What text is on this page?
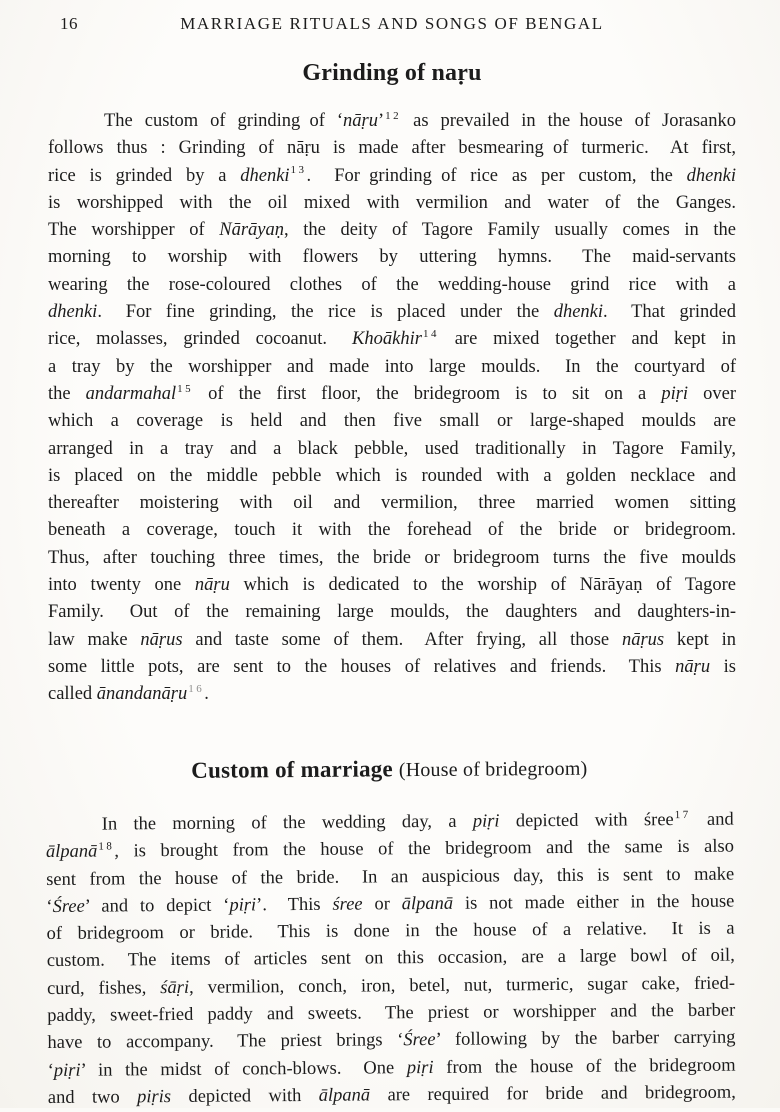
16	MARRIAGE RITUALS AND SONGS OF BENGAL
Grinding of naṛu
The custom of grinding of ‘nāṛu’$^{12}$ as prevailed in the house of Jorasanko
follows thus : Grinding of nāṛu is made after besmearing of turmeric.  At first,
rice is grinded by a dhenki$^{13}$.  For grinding of rice as per custom, the dhenki
is worshipped with the oil mixed with vermilion and water of the Ganges.
The worshipper of Nārāyaṇ, the deity of Tagore Family usually comes in the
morning to worship with flowers by uttering hymns.  The maid-servants
wearing the rose-coloured clothes of the wedding-house grind rice with a
dhenki.  For fine grinding, the rice is placed under the dhenki.  That grinded
rice, molasses, grinded cocoanut.  Khoākhir$^{14}$ are mixed together and kept in
a tray by the worshipper and made into large moulds.  In the courtyard of
the andarmahal$^{15}$ of the first floor, the bridegroom is to sit on a piṛi over
which a coverage is held and then five small or large-shaped moulds are
arranged in a tray and a black pebble, used traditionally in Tagore Family,
is placed on the middle pebble which is rounded with a golden necklace and
thereafter moistering with oil and vermilion, three married women sitting
beneath a coverage, touch it with the forehead of the bride or bridegroom.
Thus, after touching three times, the bride or bridegroom turns the five moulds
into twenty one nāṛu which is dedicated to the worship of Nārāyaṇ of Tagore
Family.  Out of the remaining large moulds, the daughters and daughters-in-
law make nāṛus and taste some of them.  After frying, all those nāṛus kept in
some little pots, are sent to the houses of relatives and friends.  This nāṛu is
called ānandanāṛu$^{16}$.
Custom of marriage (House of bridegroom)
In the morning of the wedding day, a piṛi depicted with śree$^{17}$ and
ālpanā$^{18}$, is brought from the house of the bridegroom and the same is also
sent from the house of the bride.  In an auspicious day, this is sent to make
‘Śree’ and to depict ‘piṛi’.  This śree or ālpanā is not made either in the house
of bridegroom or bride.  This is done in the house of a relative.  It is a
custom.  The items of articles sent on this occasion, are a large bowl of oil,
curd, fishes, śāṛi, vermilion, conch, iron, betel, nut, turmeric, sugar cake, fried-
paddy, sweet-fried paddy and sweets.  The priest or worshipper and the barber
have to accompany.  The priest brings ‘Śree’ following by the barber carrying
‘piṛi’ in the midst of conch-blows.  One piṛi from the house of the bridegroom
and two piṛis depicted with ālpanā are required for bride and bridegroom,
